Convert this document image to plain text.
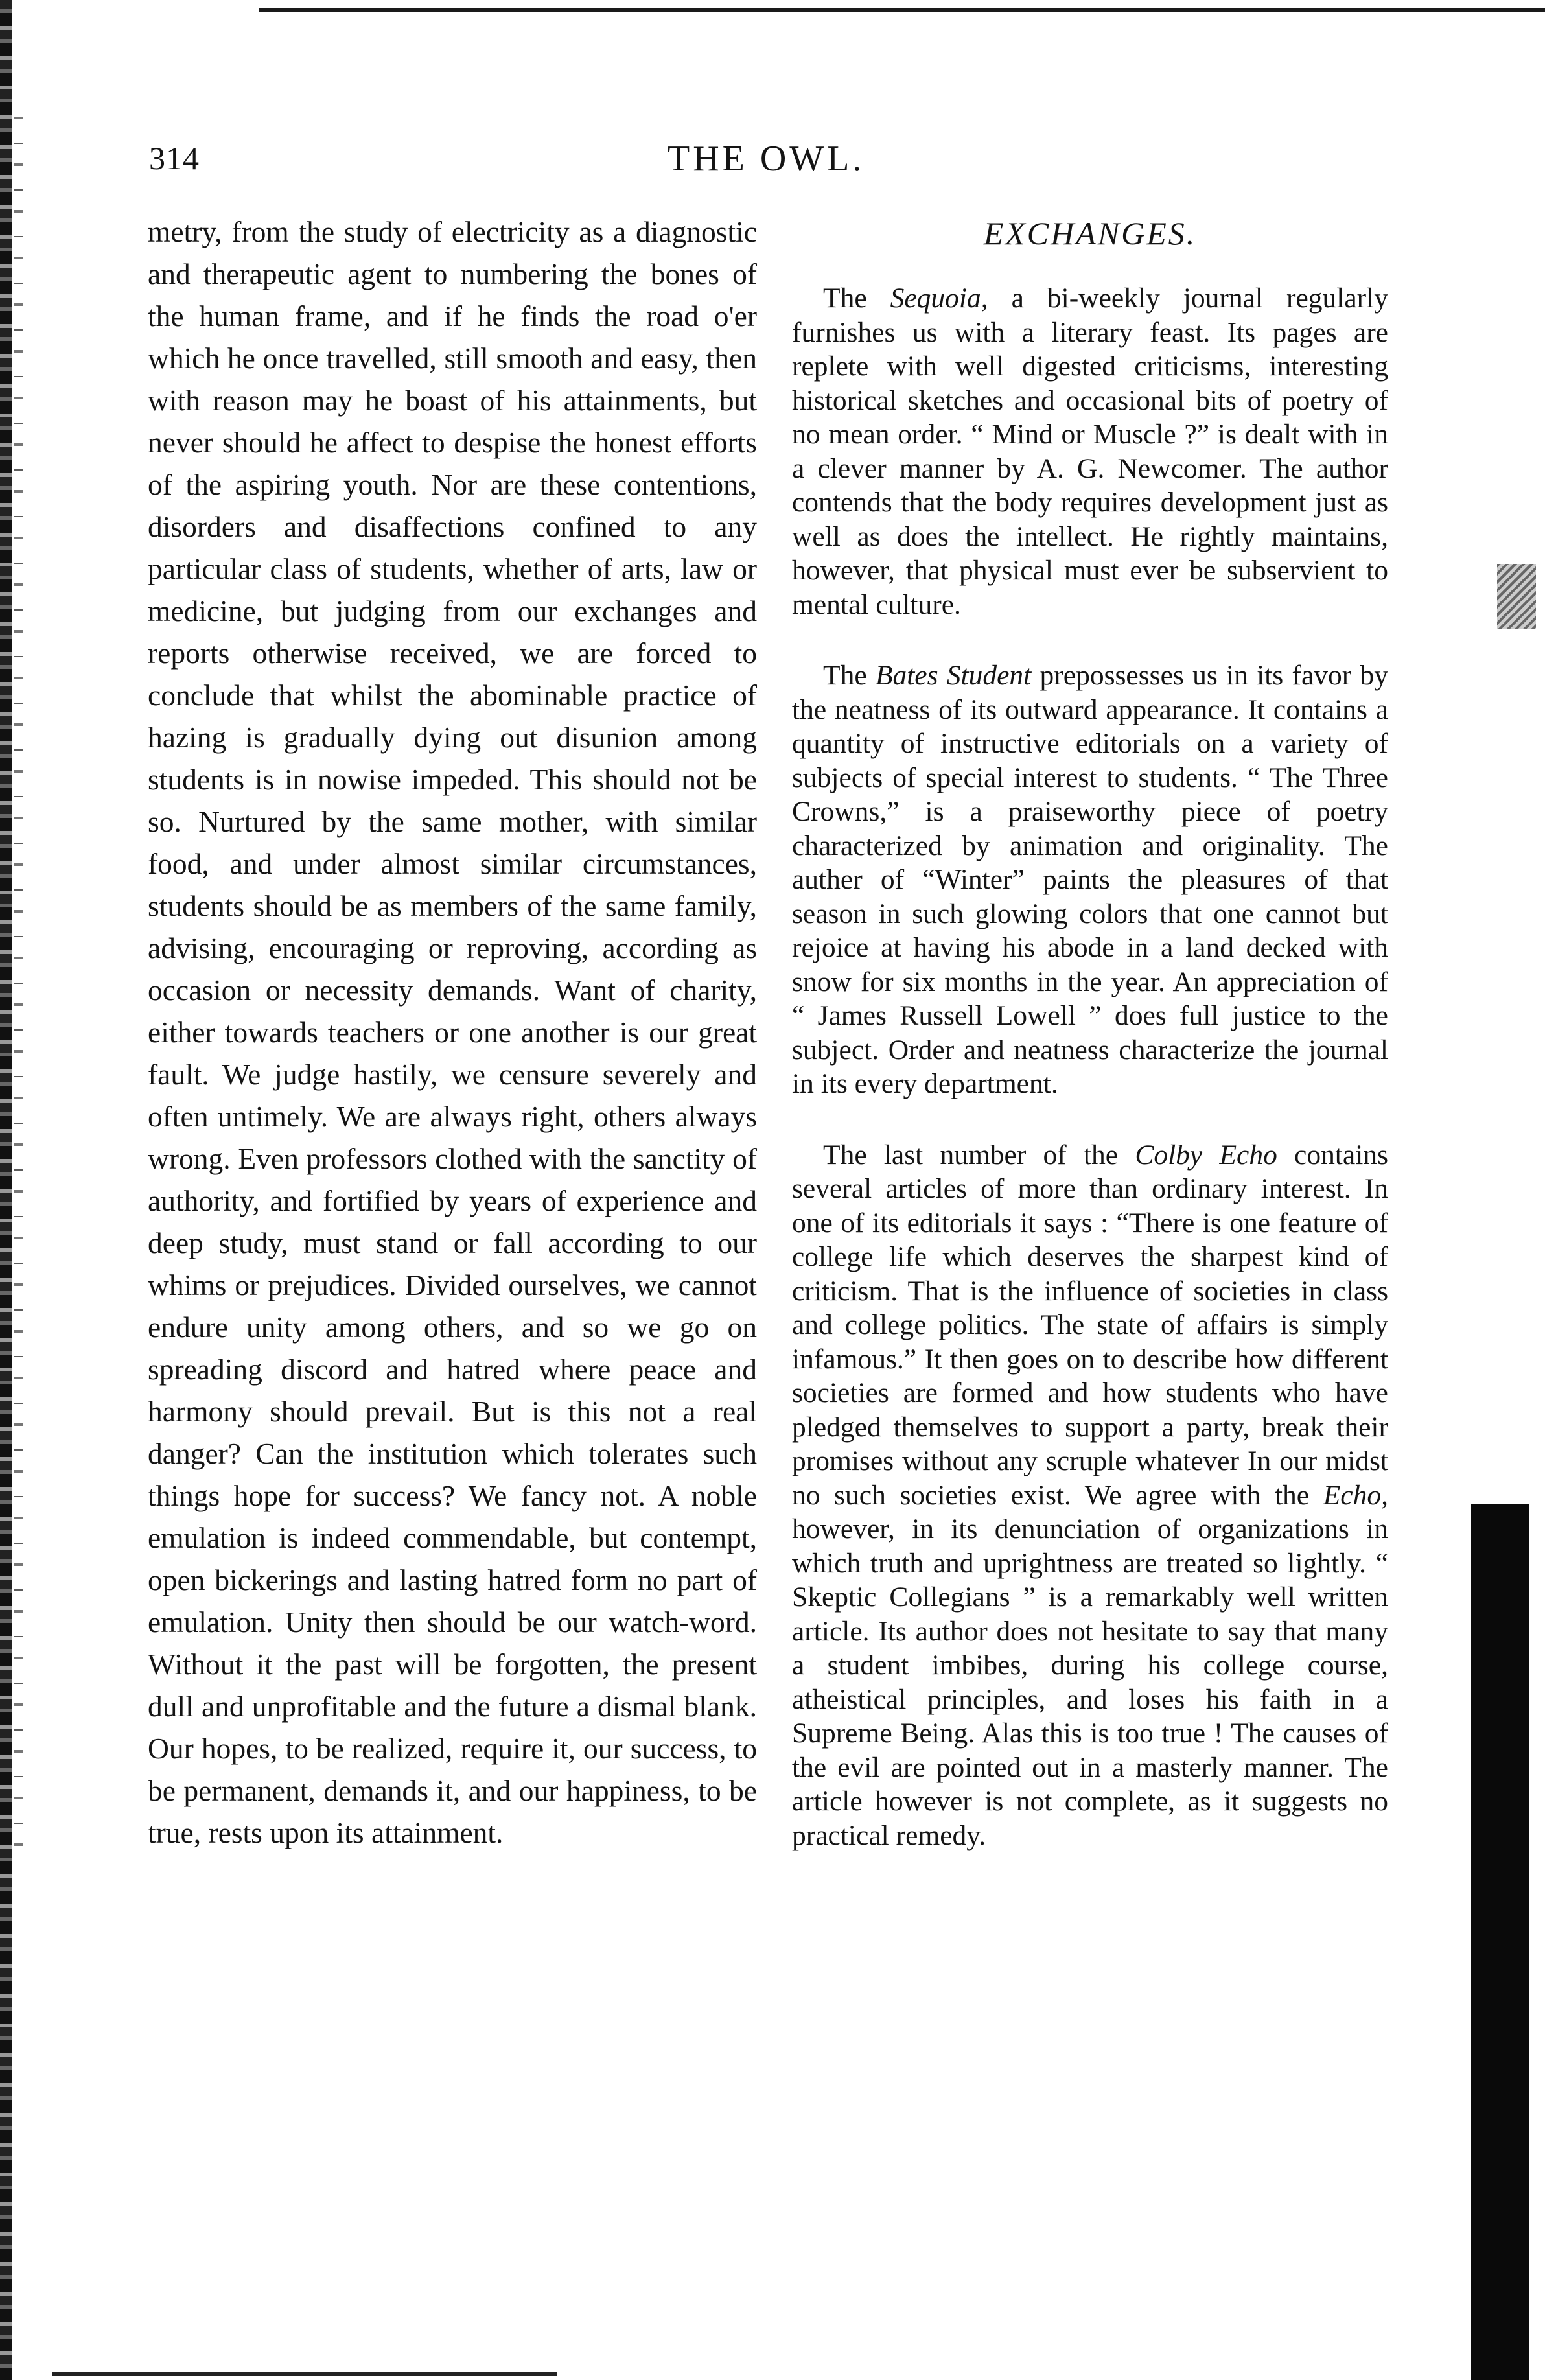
314	THE OWL.

metry, from the study of electricity as a diagnostic and therapeutic agent to numbering the bones of the human frame, and if he finds the road o'er which he once travelled, still smooth and easy, then with reason may he boast of his attainments, but never should he affect to despise the honest efforts of the aspiring youth. Nor are these contentions, disorders and disaffections confined to any particular class of students, whether of arts, law or medicine, but judging from our exchanges and reports otherwise received, we are forced to conclude that whilst the abominable practice of hazing is gradually dying out disunion among students is in nowise impeded. This should not be so. Nurtured by the same mother, with similar food, and under almost similar circumstances, students should be as members of the same family, advising, encouraging or reproving, according as occasion or necessity demands. Want of charity, either towards teachers or one another is our great fault. We judge hastily, we censure severely and often untimely. We are always right, others always wrong. Even professors clothed with the sanctity of authority, and fortified by years of experience and deep study, must stand or fall according to our whims or prejudices. Divided ourselves, we cannot endure unity among others, and so we go on spreading discord and hatred where peace and harmony should prevail. But is this not a real danger? Can the institution which tolerates such things hope for success? We fancy not. A noble emulation is indeed commendable, but contempt, open bickerings and lasting hatred form no part of emulation. Unity then should be our watch-word. Without it the past will be forgotten, the present dull and unprofitable and the future a dismal blank. Our hopes, to be realized, require it, our success, to be permanent, demands it, and our happiness, to be true, rests upon its attainment.

EXCHANGES.

The Sequoia, a bi-weekly journal regularly furnishes us with a literary feast. Its pages are replete with well digested criticisms, interesting historical sketches and occasional bits of poetry of no mean order. “ Mind or Muscle ?” is dealt with in a clever manner by A. G. Newcomer. The author contends that the body requires development just as well as does the intellect. He rightly maintains, however, that physical must ever be subservient to mental culture.

The Bates Student prepossesses us in its favor by the neatness of its outward appearance. It contains a quantity of instructive editorials on a variety of subjects of special interest to students. “ The Three Crowns,” is a praiseworthy piece of poetry characterized by animation and originality. The auther of “Winter” paints the pleasures of that season in such glowing colors that one cannot but rejoice at having his abode in a land decked with snow for six months in the year. An appreciation of “ James Russell Lowell ” does full justice to the subject. Order and neatness characterize the journal in its every department.

The last number of the Colby Echo contains several articles of more than ordinary interest. In one of its editorials it says : “There is one feature of college life which deserves the sharpest kind of criticism. That is the influence of societies in class and college politics. The state of affairs is simply infamous.” It then goes on to describe how different societies are formed and how students who have pledged themselves to support a party, break their promises without any scruple whatever In our midst no such societies exist. We agree with the Echo, however, in its denunciation of organizations in which truth and uprightness are treated so lightly. “ Skeptic Collegians ” is a remarkably well written article. Its author does not hesitate to say that many a student imbibes, during his college course, atheistical principles, and loses his faith in a Supreme Being. Alas this is too true ! The causes of the evil are pointed out in a masterly manner. The article however is not complete, as it suggests no practical remedy.
